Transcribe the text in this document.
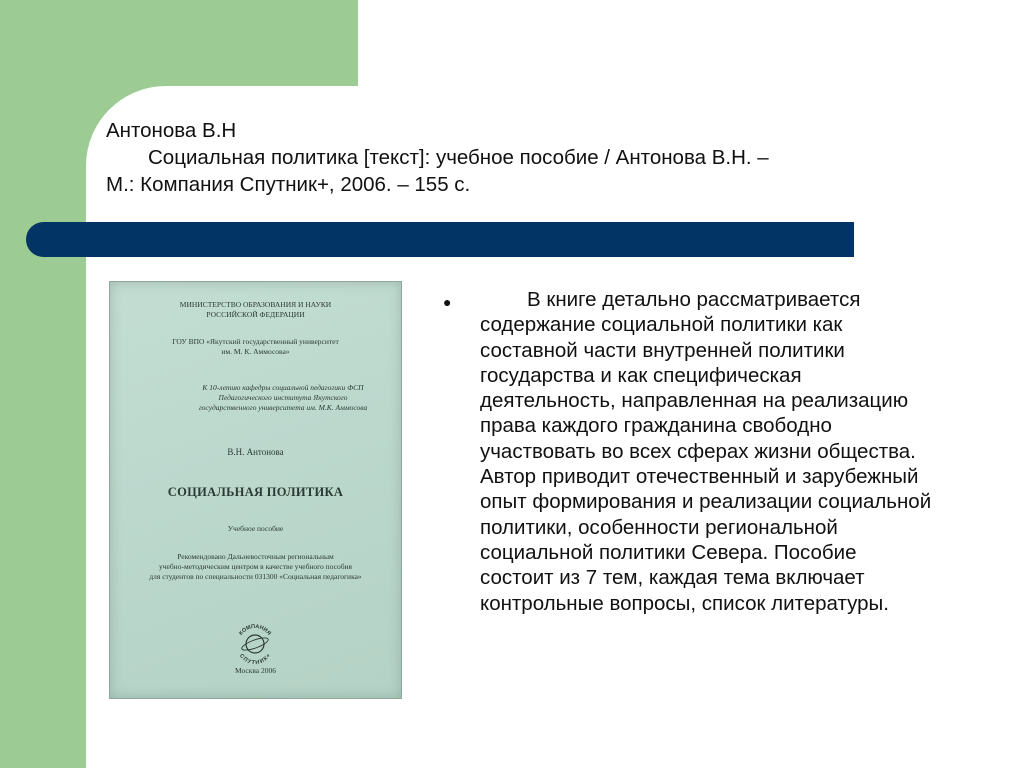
Антонова В.Н
Социальная политика [текст]: учебное пособие / Антонова В.Н. –
М.: Компания Спутник+, 2006. – 155 с.
МИНИСТЕРСТВО ОБРАЗОВАНИЯ И НАУКИ
РОССИЙСКОЙ ФЕДЕРАЦИИ
ГОУ ВПО «Якутский государственный университет
им. М. К. Аммосова»
К 10-летию кафедры социальной педагогики ФСП
Педагогического института Якутского
государственного университета им. М.К. Аммосова
В.Н. Антонова
СОЦИАЛЬНАЯ ПОЛИТИКА
Учебное пособие
Рекомендовано Дальневосточным региональным
учебно-методическим центром в качестве учебного пособия
для студентов по специальности 031300 «Социальная педагогика»
КОМПАНИЯ
СПУТНИК+
Москва 2006
●	В книге детально рассматривается
содержание социальной политики как
составной части внутренней политики
государства и как специфическая
деятельность, направленная на реализацию
права каждого гражданина свободно
участвовать во всех сферах жизни общества.
Автор приводит отечественный и зарубежный
опыт формирования и реализации социальной
политики, особенности региональной
социальной политики Севера. Пособие
состоит из 7 тем, каждая тема включает
контрольные вопросы, список литературы.
